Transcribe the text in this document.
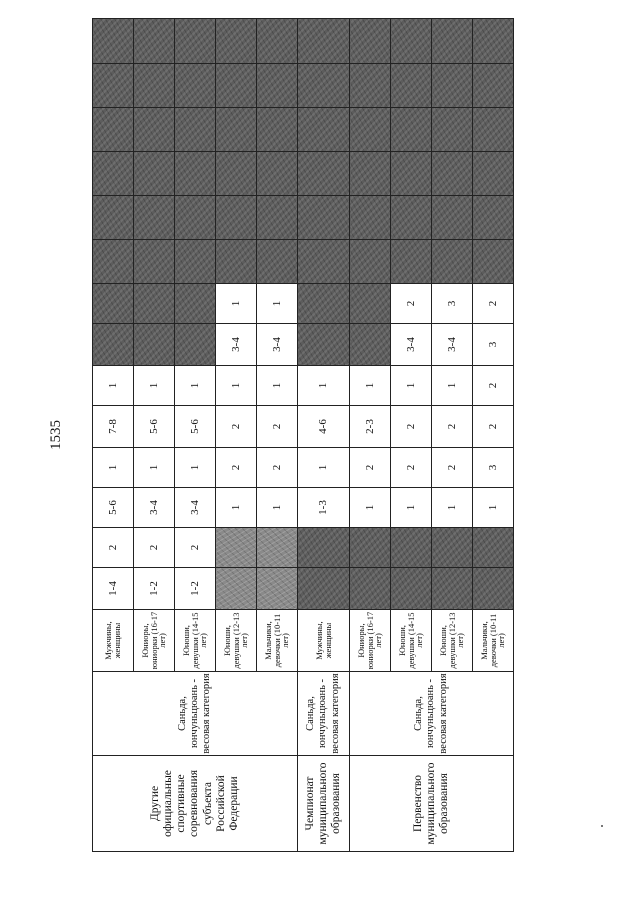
1535
Другие официальные спортивные соревнования субъекта Российской Федерации	Саньда, юнчуньцюань - весовая категория	Мужчины, женщины	1-4	2	5-6	1	7-8	1								
		Юниоры, юниорки (16-17 лет)	1-2	2	3-4	1	5-6	1								
		Юноши, девушки (14-15 лет)	1-2	2	3-4	1	5-6	1								
		Юноши, девушки (12-13 лет)			1	2	2	1	3-4	1						
		Мальчики, девочки (10-11 лет)			1	2	2	1	3-4	1						
Чемпионат муниципального образования	Саньда, юнчуньцюань - весовая категория	Мужчины, женщины			1-3	1	4-6	1								
Первенство муниципального образования	Саньда, юнчуньцюань - весовая категория	Юниоры, юниорки (16-17 лет)			1	2	2-3	1								
		Юноши, девушки (14-15 лет)			1	2	2	1	3-4	2						
		Юноши, девушки (12-13 лет)			1	2	2	1	3-4	3						
		Мальчики, девочки (10-11 лет)			1	3	2	2	3	2						
